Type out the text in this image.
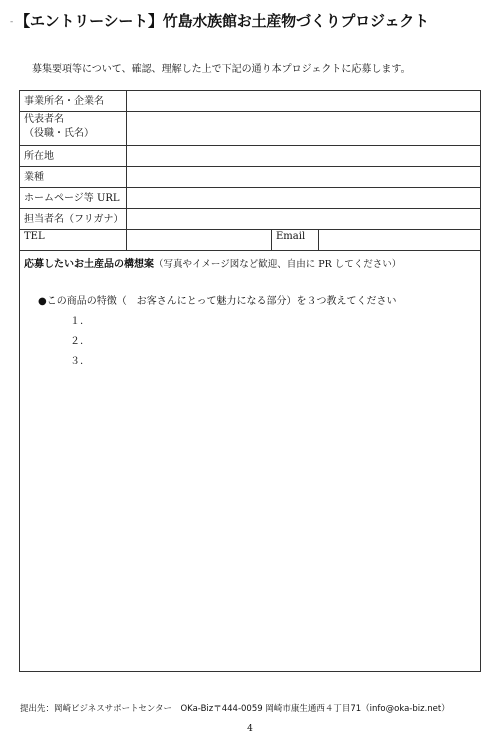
- 【エントリーシート】竹島水族館お土産物づくりプロジェクト
募集要項等について、確認、理解した上で下記の通り本プロジェクトに応募します。
事業所名・企業名			

代表者名
（役職・氏名）			

所在地			
業種			
ホームページ等 URL			
担当者名（フリガナ）			
TEL		Email	

応募したいお土産品の構想案（写真やイメージ図など歓迎、自由に PR してください）
●この商品の特徴（　お客さんにとって魅力になる部分）を３つ教えてください
１.
２.
３.			
提出先：岡崎ビジネスサポートセンター　OKa-Biz〒444-0059 岡崎市康生通西４丁目71（info@oka-biz.net）
4
